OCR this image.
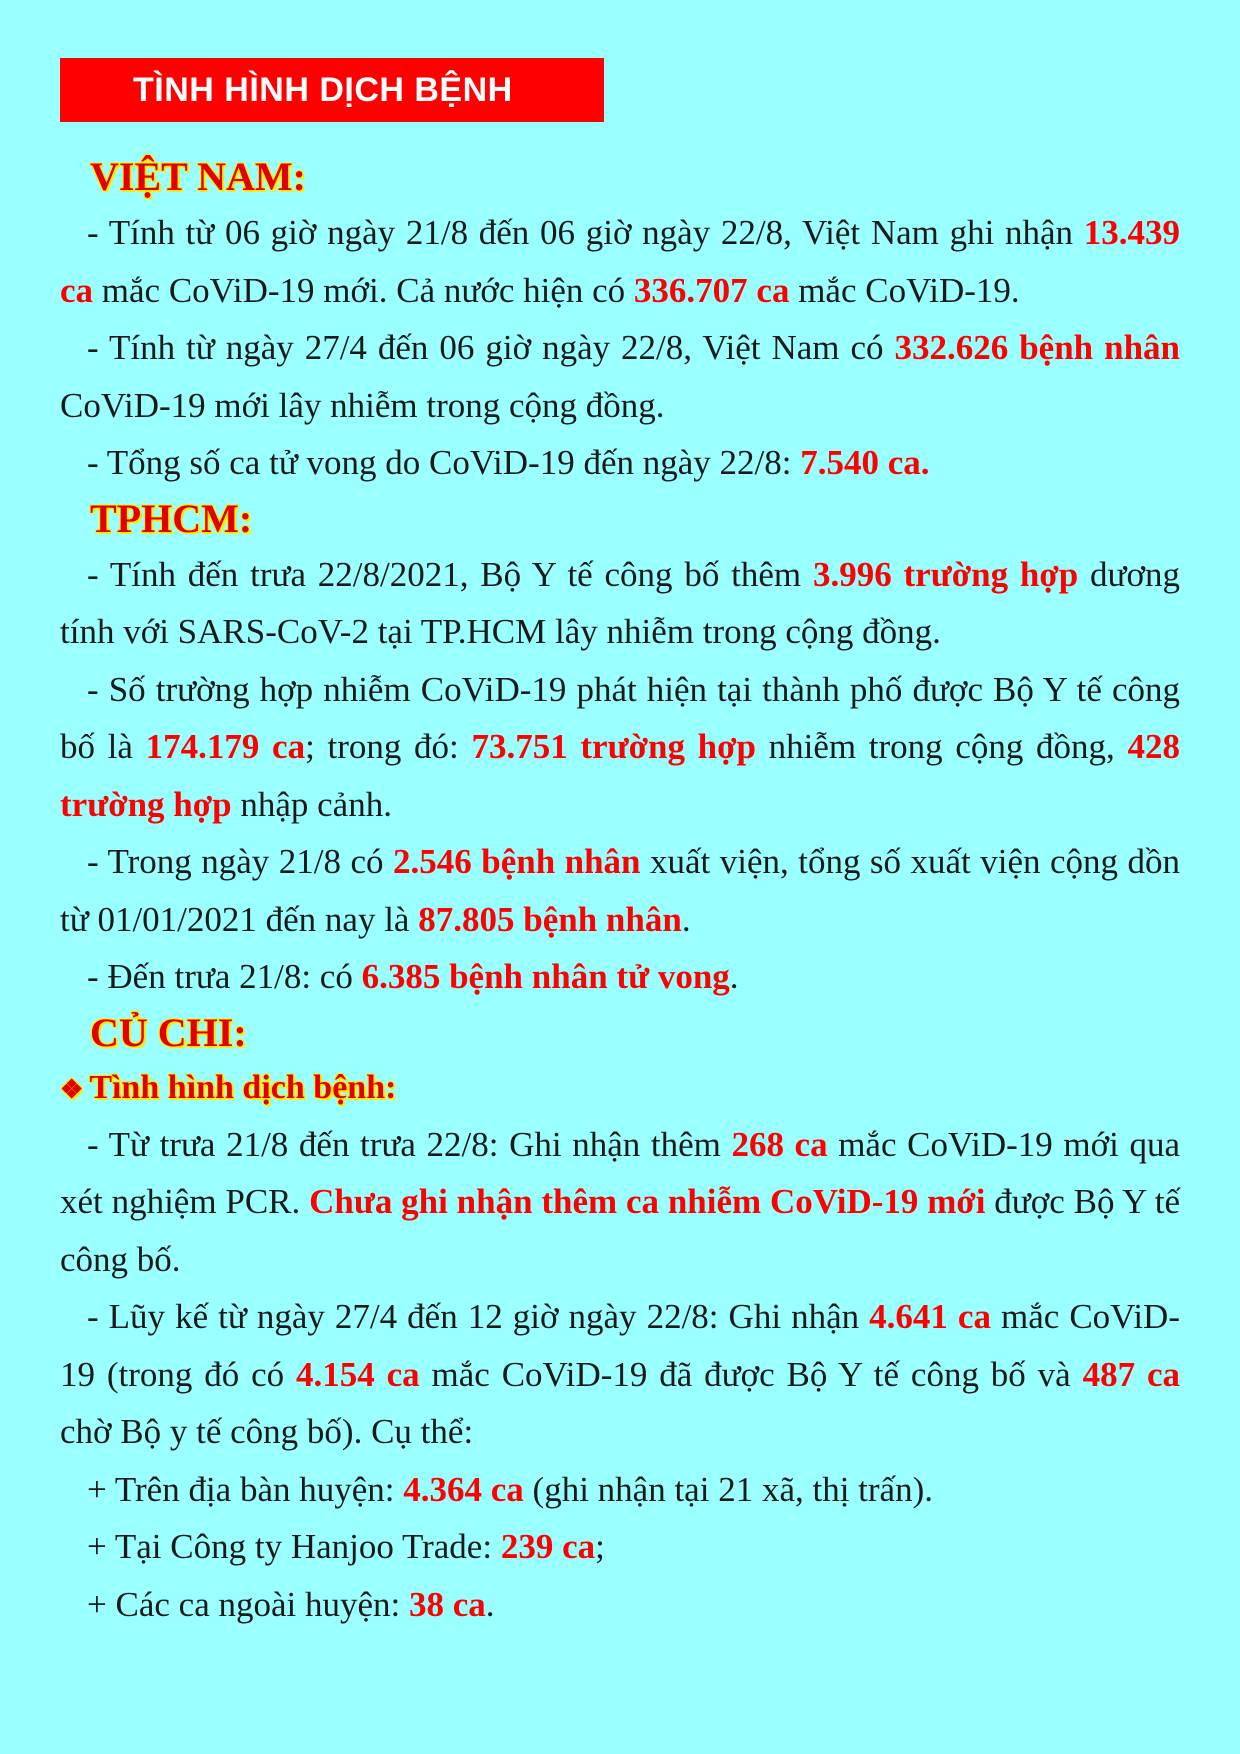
TÌNH HÌNH DỊCH BỆNH
VIỆT NAM:

- Tính từ 06 giờ ngày 21/8 đến 06 giờ ngày 22/8, Việt Nam ghi nhận 13.439 ca mắc CoViD-19 mới. Cả nước hiện có 336.707 ca mắc CoViD-19.

- Tính từ ngày 27/4 đến 06 giờ ngày 22/8, Việt Nam có 332.626 bệnh nhân CoViD-19 mới lây nhiễm trong cộng đồng.

- Tổng số ca tử vong do CoViD-19 đến ngày 22/8: 7.540 ca.

TPHCM:

- Tính đến trưa 22/8/2021, Bộ Y tế công bố thêm 3.996 trường hợp dương tính với SARS-CoV-2 tại TP.HCM lây nhiễm trong cộng đồng.

- Số trường hợp nhiễm CoViD-19 phát hiện tại thành phố được Bộ Y tế công bố là 174.179 ca; trong đó: 73.751 trường hợp nhiễm trong cộng đồng, 428 trường hợp nhập cảnh.

- Trong ngày 21/8 có 2.546 bệnh nhân xuất viện, tổng số xuất viện cộng dồn từ 01/01/2021 đến nay là 87.805 bệnh nhân.

- Đến trưa 21/8: có 6.385 bệnh nhân tử vong.

CỦ CHI:
❖ Tình hình dịch bệnh:

- Từ trưa 21/8 đến trưa 22/8: Ghi nhận thêm 268 ca mắc CoViD-19 mới qua xét nghiệm PCR. Chưa ghi nhận thêm ca nhiễm CoViD-19 mới được Bộ Y tế công bố.

- Lũy kế từ ngày 27/4 đến 12 giờ ngày 22/8: Ghi nhận 4.641 ca mắc CoViD-19 (trong đó có 4.154 ca mắc CoViD-19 đã được Bộ Y tế công bố và 487 ca chờ Bộ y tế công bố). Cụ thể:

+ Trên địa bàn huyện: 4.364 ca (ghi nhận tại 21 xã, thị trấn).

+ Tại Công ty Hanjoo Trade: 239 ca;

+ Các ca ngoài huyện: 38 ca.
